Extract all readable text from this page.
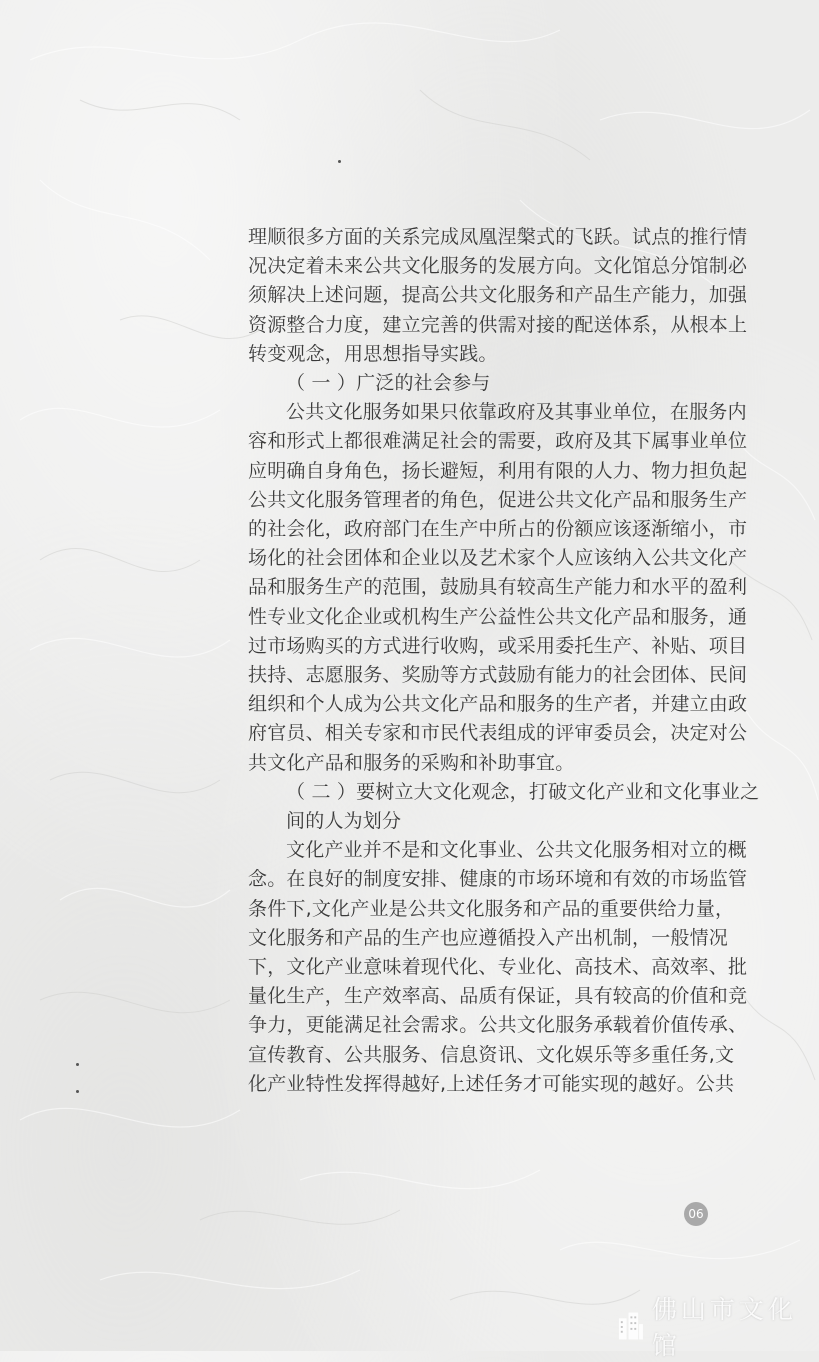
理顺很多方面的关系完成凤凰涅槃式的飞跃。试点的推行情
况决定着未来公共文化服务的发展方向。文化馆总分馆制必
须解决上述问题，提高公共文化服务和产品生产能力，加强
资源整合力度，建立完善的供需对接的配送体系，从根本上
转变观念，用思想指导实践。

（ 一 ）广泛的社会参与

公共文化服务如果只依靠政府及其事业单位，在服务内
容和形式上都很难满足社会的需要，政府及其下属事业单位
应明确自身角色，扬长避短，利用有限的人力、物力担负起
公共文化服务管理者的角色，促进公共文化产品和服务生产
的社会化，政府部门在生产中所占的份额应该逐渐缩小，市
场化的社会团体和企业以及艺术家个人应该纳入公共文化产
品和服务生产的范围，鼓励具有较高生产能力和水平的盈利
性专业文化企业或机构生产公益性公共文化产品和服务，通
过市场购买的方式进行收购，或采用委托生产、补贴、项目
扶持、志愿服务、奖励等方式鼓励有能力的社会团体、民间
组织和个人成为公共文化产品和服务的生产者，并建立由政
府官员、相关专家和市民代表组成的评审委员会，决定对公
共文化产品和服务的采购和补助事宜。

（ 二 ）要树立大文化观念，打破文化产业和文化事业之
间的人为划分

文化产业并不是和文化事业、公共文化服务相对立的概
念。在良好的制度安排、健康的市场环境和有效的市场监管
条件下,文化产业是公共文化服务和产品的重要供给力量，
文化服务和产品的生产也应遵循投入产出机制，一般情况
下，文化产业意味着现代化、专业化、高技术、高效率、批
量化生产，生产效率高、品质有保证，具有较高的价值和竞
争力，更能满足社会需求。公共文化服务承载着价值传承、
宣传教育、公共服务、信息资讯、文化娱乐等多重任务,文
化产业特性发挥得越好,上述任务才可能实现的越好。公共

06
佛山市文化馆
